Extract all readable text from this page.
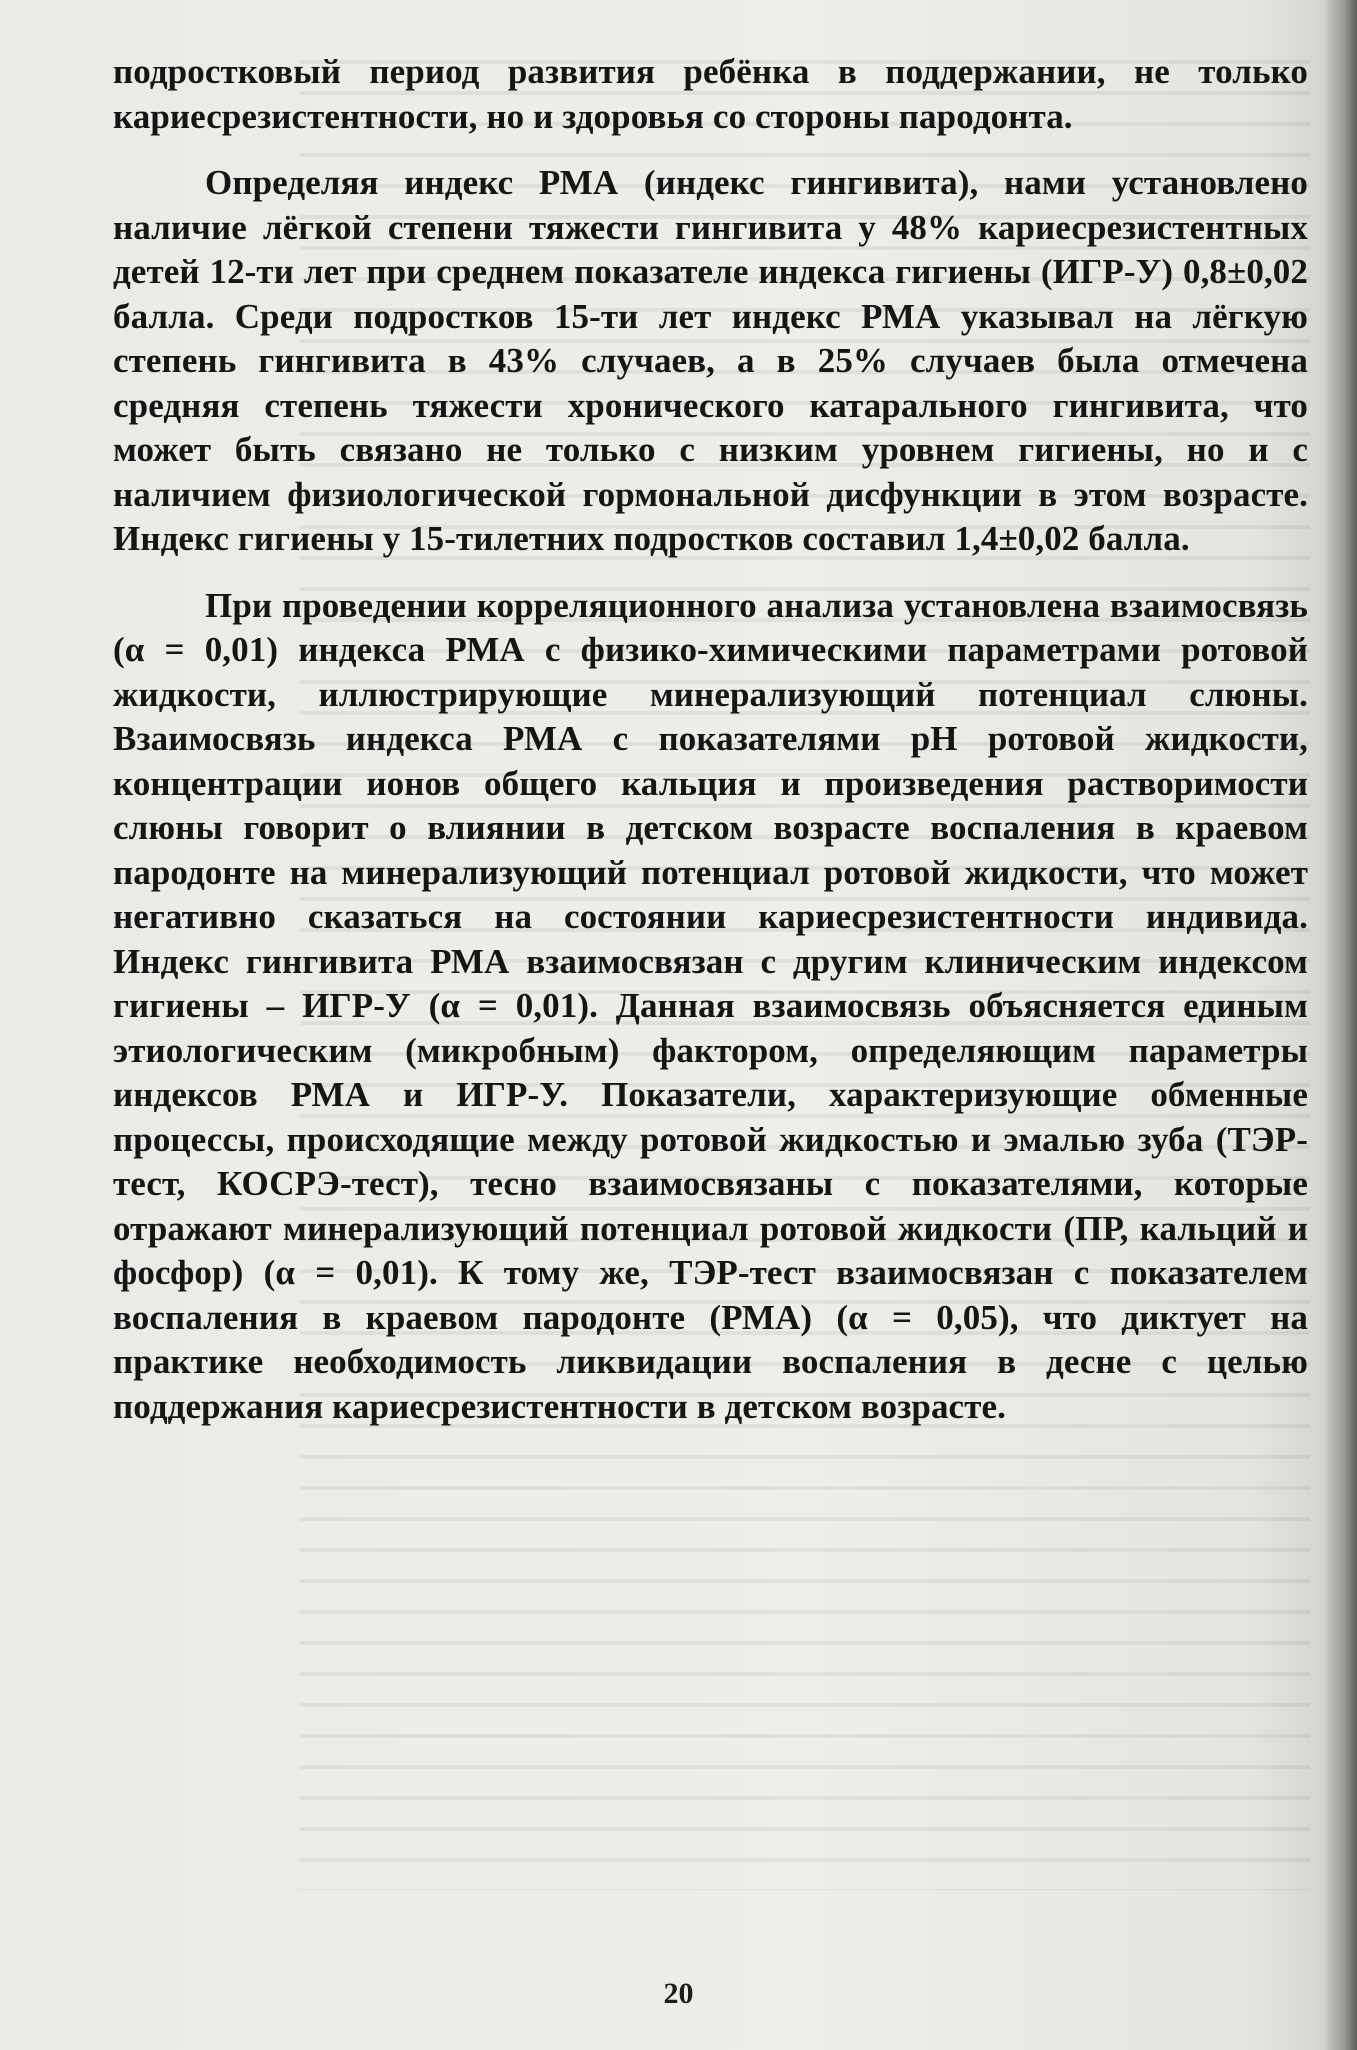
подростковый период развития ребёнка в поддержании, не только кариесрезистентности, но и здоровья со стороны пародонта.

Определяя индекс РМА (индекс гингивита), нами установлено наличие лёгкой степени тяжести гингивита у 48% кариесрезистентных детей 12-ти лет при среднем показателе индекса гигиены (ИГР-У) 0,8±0,02 балла. Среди подростков 15-ти лет индекс РМА указывал на лёгкую степень гингивита в 43% случаев, а в 25% случаев была отмечена средняя степень тяжести хронического катарального гингивита, что может быть связано не только с низким уровнем гигиены, но и с наличием физиологической гормональной дисфункции в этом возрасте. Индекс гигиены у 15-тилетних подростков составил 1,4±0,02 балла.

При проведении корреляционного анализа установлена взаимосвязь (α = 0,01) индекса РМА с физико-химическими параметрами ротовой жидкости, иллюстрирующие минерализующий потенциал слюны. Взаимосвязь индекса РМА с показателями pH ротовой жидкости, концентрации ионов общего кальция и произведения растворимости слюны говорит о влиянии в детском возрасте воспаления в краевом пародонте на минерализующий потенциал ротовой жидкости, что может негативно сказаться на состоянии кариесрезистентности индивида. Индекс гингивита РМА взаимосвязан с другим клиническим индексом гигиены – ИГР-У (α = 0,01). Данная взаимосвязь объясняется единым этиологическим (микробным) фактором, определяющим параметры индексов РМА и ИГР-У. Показатели, характеризующие обменные процессы, происходящие между ротовой жидкостью и эмалью зуба (ТЭР-тест, КОСРЭ-тест), тесно взаимосвязаны с показателями, которые отражают минерализующий потенциал ротовой жидкости (ПР, кальций и фосфор) (α = 0,01). К тому же, ТЭР-тест взаимосвязан с показателем воспаления в краевом пародонте (РМА) (α = 0,05), что диктует на практике необходимость ликвидации воспаления в десне с целью поддержания кариесрезистентности в детском возрасте.

20
